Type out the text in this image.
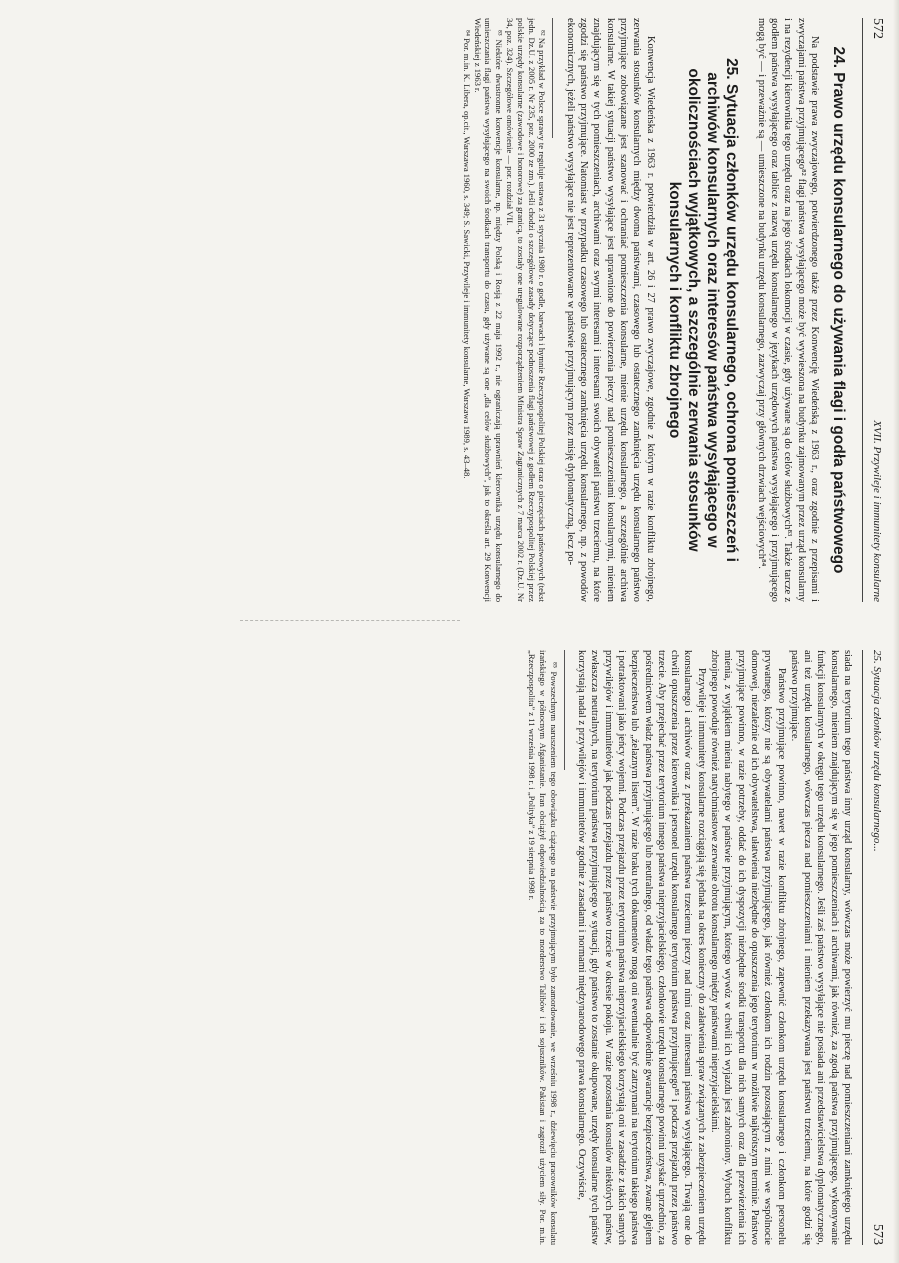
572
XVII. Przywileje i immunitety konsularne
24. Prawo urzędu konsularnego do używania flagi i godła państwowego

Na podstawie prawa zwyczajowego, potwierdzonego także przez Konwencję Wiedeńską z 1963 r., oraz zgodnie z przepisami i zwyczajami państwa przyjmującego⁸² flagi państwa wysyłającego może być wywieszona na budynku zajmowanym przez urząd konsularny i na rezydencji kierownika tego urzędu oraz na jego środkach lokomocji w czasie, gdy używane są do celów służbowych⁸³. Także tarcze z godłem państwa wysyłającego oraz tablice z nazwą urzędu konsularnego w językach urzędowych państwa wysyłającego i przyjmującego mogą być — i przeważnie są — umieszczone na budynku urzędu konsularnego, zazwyczaj przy głównych drzwiach wejściowych⁸⁴.

25. Sytuacja członków urzędu konsularnego, ochrona pomieszczeń i archiwów konsularnych oraz interesów państwa wysyłającego w okolicznościach wyjątkowych, a szczególnie zerwania stosunków konsularnych i konfliktu zbrojnego

Konwencja Wiedeńska z 1963 r. potwierdziła w art. 26 i 27 prawo zwyczajowe, zgodnie z którym w razie konfliktu zbrojnego, zerwania stosunków konsularnych między dwoma państwami, czasowego lub ostatecznego zamknięcia urzędu konsularnego państwo przyjmujące zobowiązane jest szanować i ochraniać pomieszczenia konsularne, mienie urzędu konsularnego, a szczególnie archiwa konsularne. W takiej sytuacji państwo wysyłające jest uprawnione do powierzenia pieczy nad pomieszczeniami konsularnymi, mieniem znajdującym się w tych pomieszczeniach, archiwami oraz swymi interesami i interesami swoich obywateli państwu trzeciemu, na które zgodzi się państwo przyjmujące. Natomiast w przypadku czasowego lub ostatecznego zamknięcia urzędu konsularnego, np. z powodów ekonomicznych, jeżeli państwo wysyłające nie jest reprezentowane w państwie przyjmującym przez misję dyplomatyczną, lecz po-

⁸² Na przykład w Polsce sprawy te reguluje ustawa z 31 stycznia 1980 r. o godle, barwach i hymnie Rzeczypospolitej Polskiej oraz o pieczęciach państwowych (tekst jedn. Dz.U. z 2005 r. Nr 235, poz. 2000 ze zm.). Jeśli chodzi o szczegółowe zasady dotyczące podnoszenia flagi państwowej z godłem Rzeczypospolitej Polskiej przez polskie urzędy konsularne (zawodowe i honorowe) za granicą, to zostały one uregulowane rozporządzeniem Ministra Spraw Zagranicznych z 7 marca 2002 r. (Dz.U. Nr 34, poz. 324). Szczegółowe omówienie — por. rozdział VII.

⁸³ Niektóre dwustronne konwencje konsularne, np. między Polską i Rosją z 22 maja 1992 r., nie ograniczają uprawnień kierownika urzędu konsularnego do umieszczania flagi państwa wysyłającego na swoich środkach transportu do czasu, gdy używane są one „dla celów służbowych”, jak to określa art. 29 Konwencji Wiedeńskiej z 1963 r.

⁸⁴ Por. m.in. K. Libera, op.cit., Warszawa 1960, s. 349; S. Sawicki, Przywileje i immunitety konsularne, Warszawa 1989, s. 43–48.

25. Sytuacja członków urzędu konsularnego...
573

siada na terytorium tego państwa inny urząd konsularny, wówczas może powierzyć mu pieczę nad pomieszczeniami zamkniętego urzędu konsularnego, mieniem znajdującym się w jego pomieszczeniach i archiwami, jak również, za zgodą państwa przyjmującego, wykonywanie funkcji konsularnych w okręgu tego urzędu konsularnego. Jeśli zaś państwo wysyłające nie posiada ani przedstawicielstwa dyplomatycznego, ani też urzędu konsularnego, wówczas piecza nad pomieszczeniami i mieniem przekazywana jest państwu trzeciemu, na które godzi się państwo przyjmujące.

Państwo przyjmujące powinno, nawet w razie konfliktu zbrojnego, zapewnić członkom urzędu konsularnego i członkom personelu prywatnego, którzy nie są obywatelami państwa przyjmującego, jak również członkom ich rodzin pozostającym z nimi we wspólnocie domowej, niezależnie od ich obywatelstwa, ułatwienia niezbędne do opuszczenia jego terytorium w możliwie najkrótszym terminie. Państwo przyjmujące powinno, w razie potrzeby, oddać do ich dyspozycji niezbędne środki transportu dla nich samych oraz dla przewiezienia ich mienia, z wyjątkiem mienia nabytego w państwie przyjmującym, którego wywóz w chwili ich wyjazdu jest zabroniony. Wybuch konfliktu zbrojnego powoduje również natychmiastowe zerwanie obrotu konsularnego między państwami nieprzyjacielskimi.

Przywileje i immunitety konsularne rozciągają się jednak na okres konieczny do załatwienia spraw związanych z zabezpieczeniem urzędu konsularnego i archiwów oraz z przekazaniem państwa trzeciemu pieczy nad nimi oraz interesami państwa wysyłającego. Trwają one do chwili opuszczenia przez kierownika i personel urzędu konsularnego terytorium państwa przyjmującego⁸⁵ i podczas przejazdu przez państwo trzecie. Aby przejechać przez terytorium innego państwa nieprzyjacielskiego, członkowie urzędu konsularnego powinni uzyskać uprzednio, za pośrednictwem władz państwa przyjmującego lub neutralnego, od władz tego państwa odpowiednie gwarancje bezpieczeństwa, zwane glejtem bezpieczeństwa lub „żelaznym listem”. W razie braku tych dokumentów mogą oni ewentualnie być zatrzymani na terytorium takiego państwa i potraktowani jako jeńcy wojenni. Podczas przejazdu przez terytorium państwa nieprzyjacielskiego korzystają oni w zasadzie z takich samych przywilejów i immunitetów jak podczas przejazdu przez państwo trzecie w okresie pokoju. W razie pozostania konsulów niektórych państw, zwłaszcza neutralnych, na terytorium państwa przyjmującego w sytuacji, gdy państwo to zostanie okupowane, urzędy konsularne tych państw korzystają nadal z przywilejów i immunitetów zgodnie z zasadami i normami międzynarodowego prawa konsularnego. Oczywiście,

⁸⁵ Powszechnym naruszeniem tego obowiązku ciążącego na państwie przyjmującym było zamordowanie, we wrześniu 1998 r., dziewięciu pracowników konsulatu irańskiego w północnym Afganistanie. Iran obciążył odpowiedzialnością za to morderstwo Talibów i ich sojuszników. Pakistan i zagroził użyciem siły. Por. m.in. „Rzeczpospolita” z 11 września 1998 r. i „Polityka” z 19 sierpnia 1998 r.
